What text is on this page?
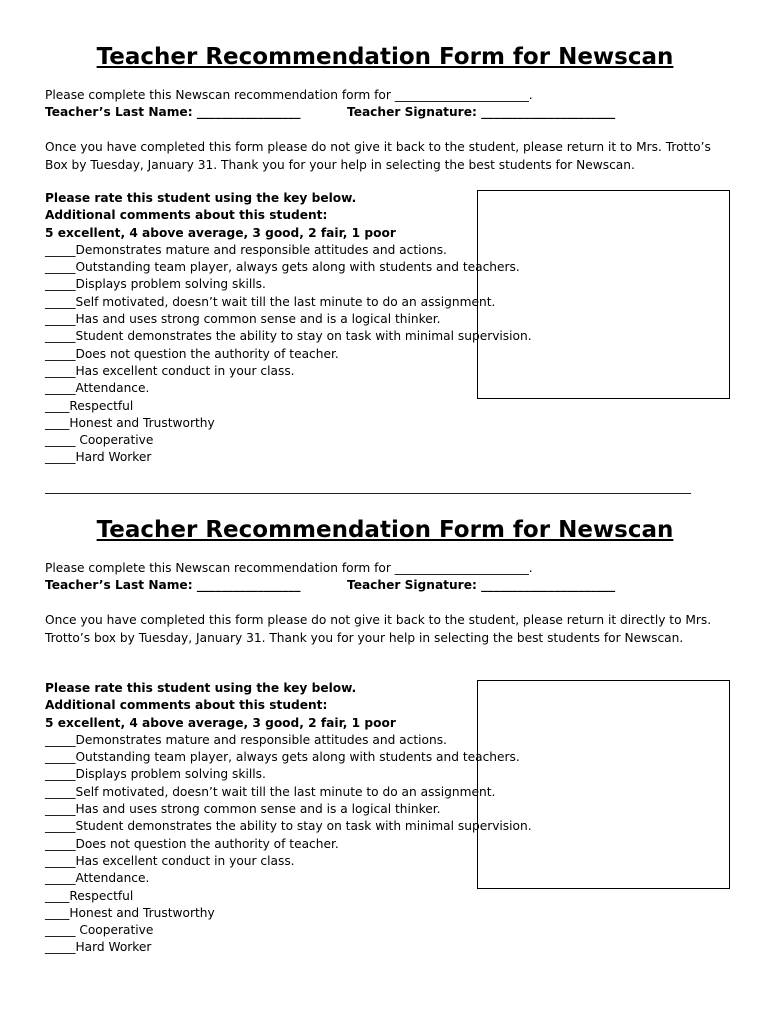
Teacher Recommendation Form for Newscan
Please complete this Newscan recommendation form for ______________________.
Teacher’s Last Name: _________________	Teacher Signature: ______________________
Once you have completed this form please do not give it back to the student, please return it to Mrs. Trotto’s Box by Tuesday, January 31. Thank you for your help in selecting the best students for Newscan.
Please rate this student using the key below.
Additional comments about this student:
5 excellent, 4 above average, 3 good, 2 fair, 1 poor
_____Demonstrates mature and responsible attitudes and actions.
_____Outstanding team player, always gets along with students and teachers.
_____Displays problem solving skills.
_____Self motivated, doesn’t wait till the last minute to do an assignment.
_____Has and uses strong common sense and is a logical thinker.
_____Student demonstrates the ability to stay on task with minimal supervision.
_____Does not question the authority of teacher.
_____Has excellent conduct in your class.
_____Attendance.
____Respectful
____Honest and Trustworthy
_____ Cooperative
_____Hard Worker
__________________________________________________________________________________________________________
Teacher Recommendation Form for Newscan
Please complete this Newscan recommendation form for ______________________.
Teacher’s Last Name: _________________	Teacher Signature: ______________________
Once you have completed this form please do not give it back to the student, please return it directly to Mrs. Trotto’s box by Tuesday, January 31. Thank you for your help in selecting the best students for Newscan.
Please rate this student using the key below.
Additional comments about this student:
5 excellent, 4 above average, 3 good, 2 fair, 1 poor
_____Demonstrates mature and responsible attitudes and actions.
_____Outstanding team player, always gets along with students and teachers.
_____Displays problem solving skills.
_____Self motivated, doesn’t wait till the last minute to do an assignment.
_____Has and uses strong common sense and is a logical thinker.
_____Student demonstrates the ability to stay on task with minimal supervision.
_____Does not question the authority of teacher.
_____Has excellent conduct in your class.
_____Attendance.
____Respectful
____Honest and Trustworthy
_____ Cooperative
_____Hard Worker
